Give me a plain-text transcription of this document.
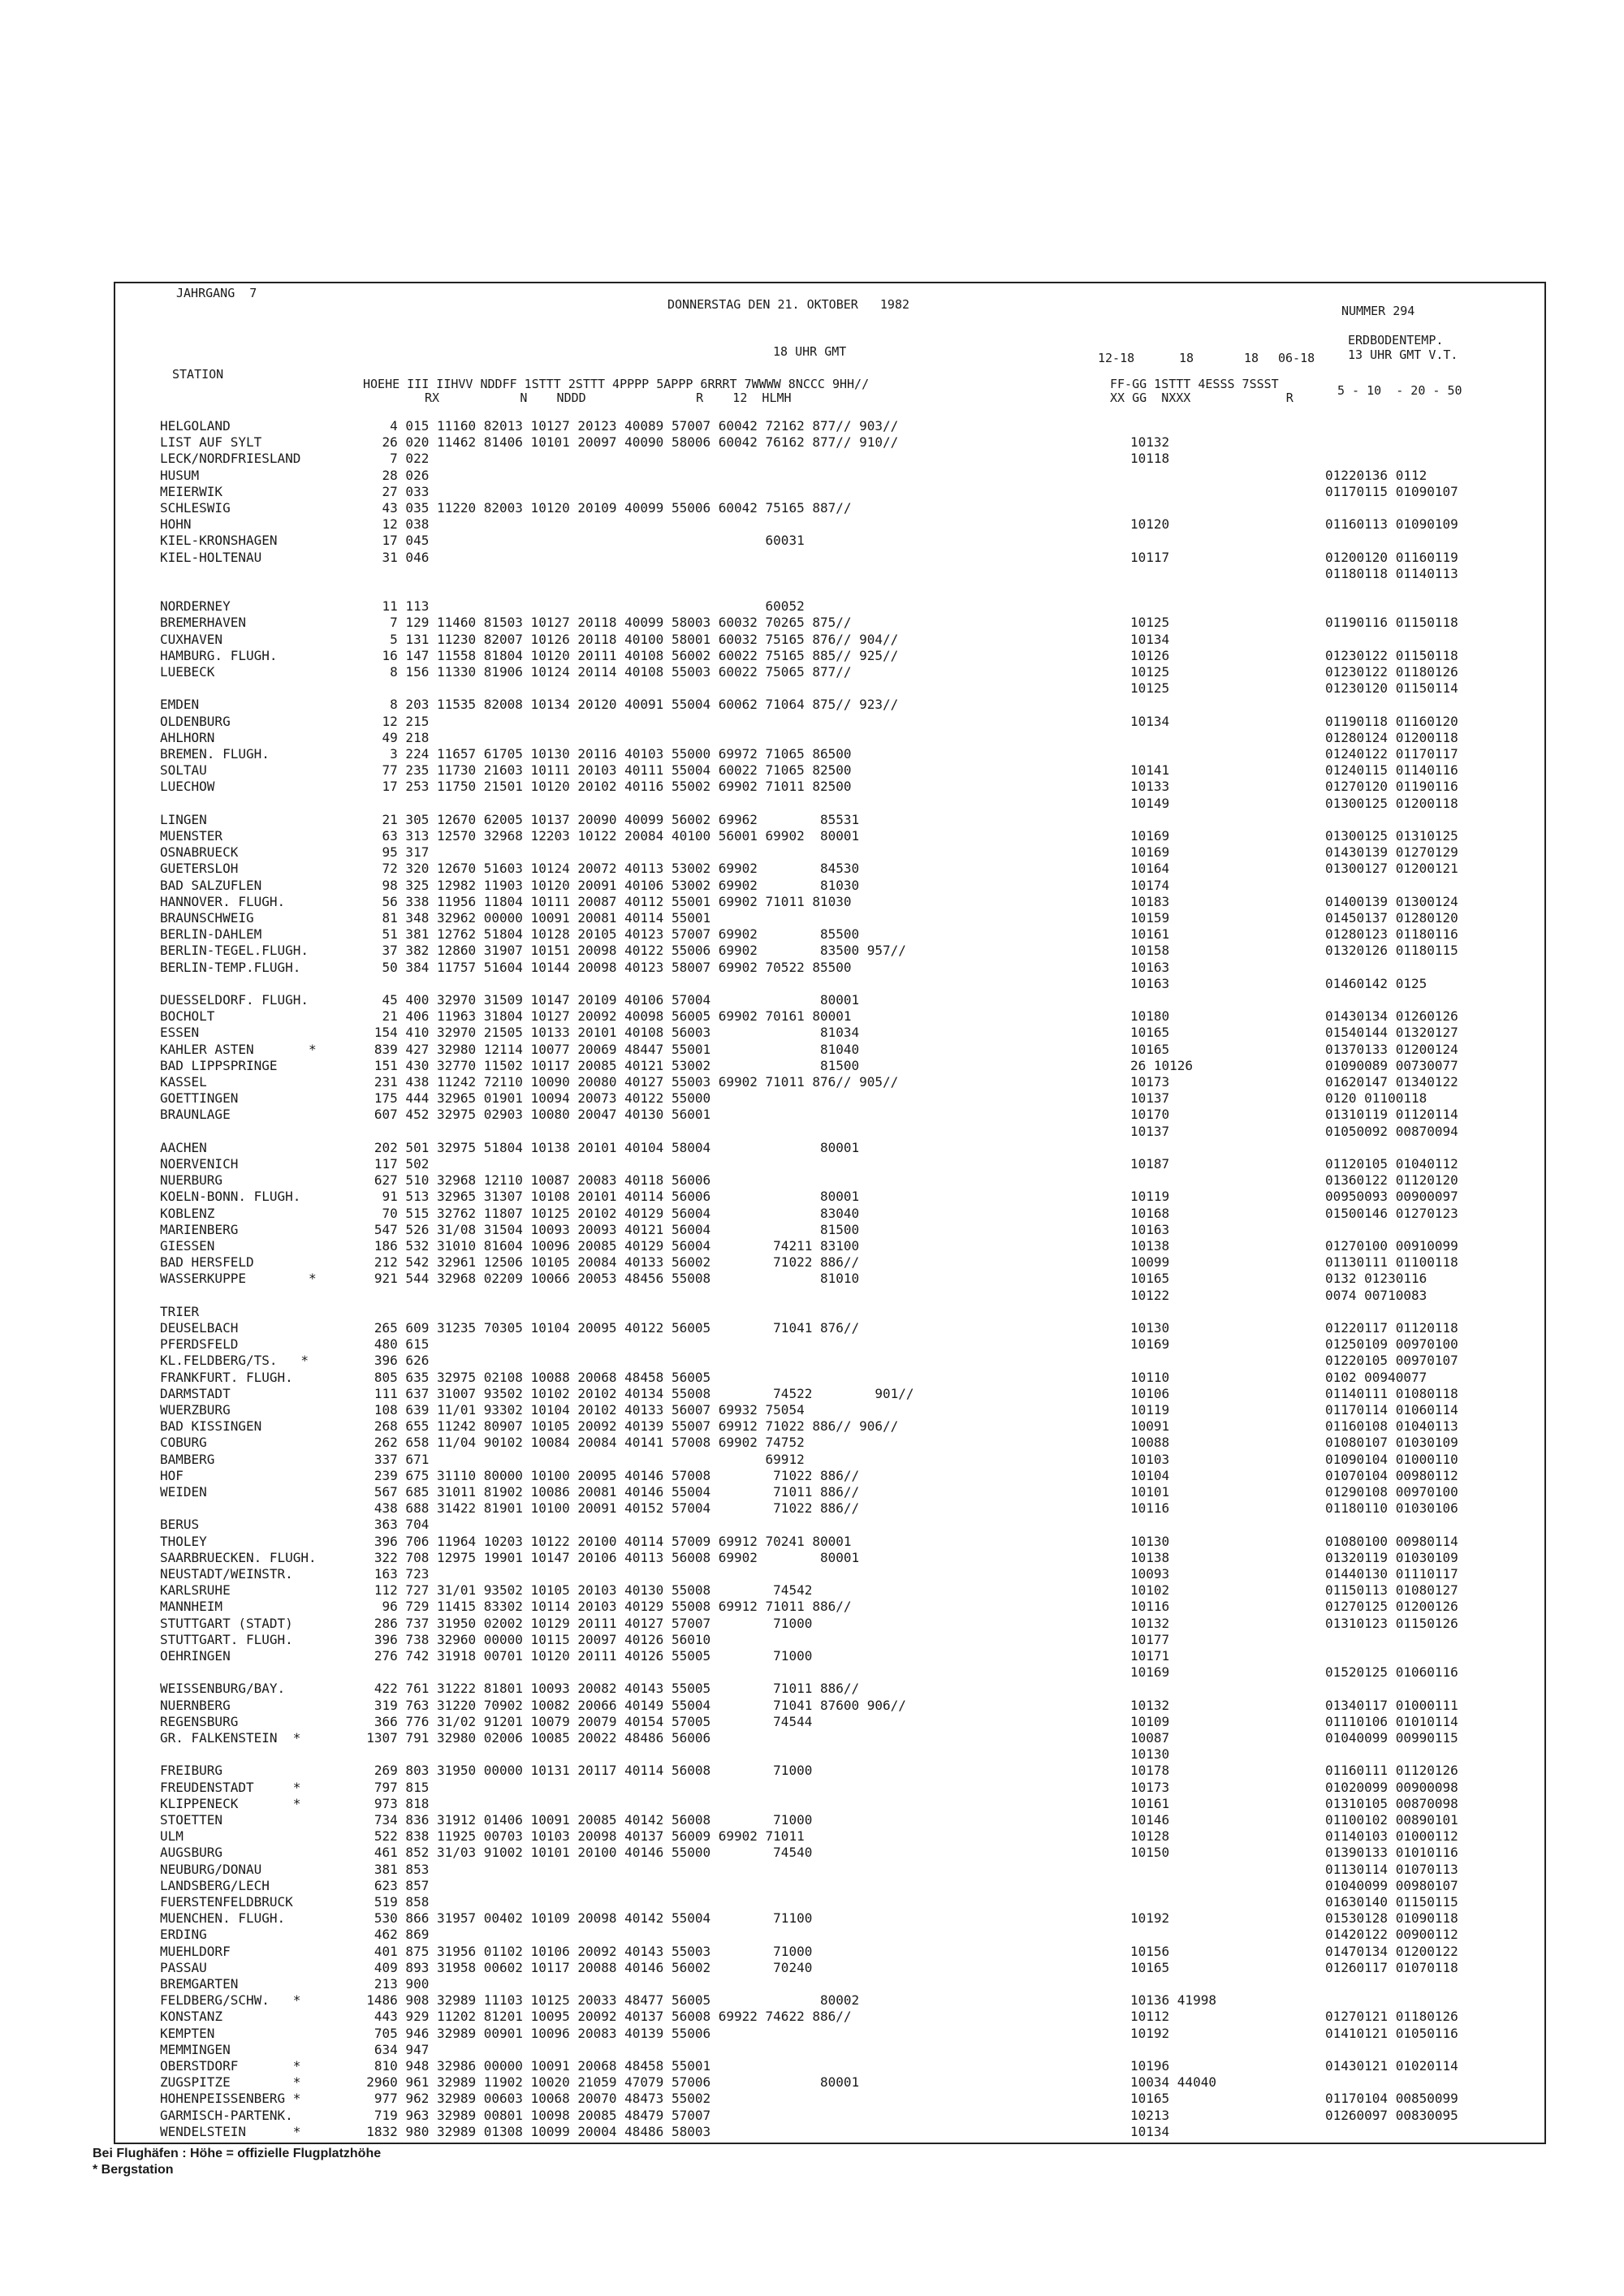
JAHRGANG  7
DONNERSTAG DEN 21. OKTOBER   1982	NUMMER 294
ERDBODENTEMP.
13 UHR GMT V.T.
18 UHR GMT	12-18	18	18 06-18
STATION
HOEHE III IIHVV NDDFF 1STTT 2STTT 4PPPP 5APPP 6RRRT 7WWWW 8NCCC 9HH//
RX           N    NDDD               R    12  HLMH
FF-GG 1STTT 4ESSS 7SSST
XX GG  NXXX             R	5 - 10  - 20 - 50
HELGOLAND	4 015 11160 82013 10127 20123 40089 57007 60042 72162 877// 903//
LIST AUF SYLT	26 020 11462 81406 10101 20097 40090 58006 60042 76162 877// 910//	10132
LECK/NORDFRIESLAND	7 022	10118
HUSUM	28 026	01220136 0112
MEIERWIK	27 033	01170115 01090107
SCHLESWIG	43 035 11220 82003 10120 20109 40099 55006 60042 75165 887//
HOHN	12 038	10120	01160113 01090109
KIEL-KRONSHAGEN	17 045                                           60031
KIEL-HOLTENAU	31 046	10117	01200120 01160119
01180118 01140113
NORDERNEY	11 113                                           60052
BREMERHAVEN	7 129 11460 81503 10127 20118 40099 58003 60032 70265 875//	10125	01190116 01150118
CUXHAVEN	5 131 11230 82007 10126 20118 40100 58001 60032 75165 876// 904//	10134
HAMBURG. FLUGH.	16 147 11558 81804 10120 20111 40108 56002 60022 75165 885// 925//	10126	01230122 01150118
LUEBECK	8 156 11330 81906 10124 20114 40108 55003 60022 75065 877//	10125	01230122 01180126
10125	01230120 01150114
EMDEN	8 203 11535 82008 10134 20120 40091 55004 60062 71064 875// 923//
OLDENBURG	12 215	10134	01190118 01160120
AHLHORN	49 218	01280124 01200118
BREMEN. FLUGH.	3 224 11657 61705 10130 20116 40103 55000 69972 71065 86500	01240122 01170117
SOLTAU	77 235 11730 21603 10111 20103 40111 55004 60022 71065 82500	10141	01240115 01140116
LUECHOW	17 253 11750 21501 10120 20102 40116 55002 69902 71011 82500	10133	01270120 01190116
10149	01300125 01200118
LINGEN	21 305 12670 62005 10137 20090 40099 56002 69962        85531
MUENSTER	63 313 12570 32968 12203 10122 20084 40100 56001 69902  80001	10169	01300125 01310125
OSNABRUECK	95 317	10169	01430139 01270129
GUETERSLOH	72 320 12670 51603 10124 20072 40113 53002 69902        84530	10164	01300127 01200121
BAD SALZUFLEN	98 325 12982 11903 10120 20091 40106 53002 69902        81030	10174
HANNOVER. FLUGH.	56 338 11956 11804 10111 20087 40112 55001 69902 71011 81030	10183	01400139 01300124
BRAUNSCHWEIG	81 348 32962 00000 10091 20081 40114 55001	10159	01450137 01280120
BERLIN-DAHLEM	51 381 12762 51804 10128 20105 40123 57007 69902        85500	10161	01280123 01180116
BERLIN-TEGEL.FLUGH.	37 382 12860 31907 10151 20098 40122 55006 69902        83500 957//	10158	01320126 01180115
BERLIN-TEMP.FLUGH.	50 384 11757 51604 10144 20098 40123 58007 69902 70522 85500	10163
10163	01460142 0125
DUESSELDORF. FLUGH.	45 400 32970 31509 10147 20109 40106 57004              80001
BOCHOLT	21 406 11963 31804 10127 20092 40098 56005 69902 70161 80001	10180	01430134 01260126
ESSEN	154 410 32970 21505 10133 20101 40108 56003              81034	10165	01540144 01320127
KAHLER ASTEN       *	839 427 32980 12114 10077 20069 48447 55001              81040	10165	01370133 01200124
BAD LIPPSPRINGE	151 430 32770 11502 10117 20085 40121 53002              81500	26 10126	01090089 00730077
KASSEL	231 438 11242 72110 10090 20080 40127 55003 69902 71011 876// 905//	10173	01620147 01340122
GOETTINGEN	175 444 32965 01901 10094 20073 40122 55000	10137	0120 01100118
BRAUNLAGE	607 452 32975 02903 10080 20047 40130 56001	10170	01310119 01120114
10137	01050092 00870094
AACHEN	202 501 32975 51804 10138 20101 40104 58004              80001
NOERVENICH	117 502	10187	01120105 01040112
NUERBURG	627 510 32968 12110 10087 20083 40118 56006	01360122 01120120
KOELN-BONN. FLUGH.	91 513 32965 31307 10108 20101 40114 56006              80001	10119	00950093 00900097
KOBLENZ	70 515 32762 11807 10125 20102 40129 56004              83040	10168	01500146 01270123
MARIENBERG	547 526 31/08 31504 10093 20093 40121 56004              81500	10163
GIESSEN	186 532 31010 81604 10096 20085 40129 56004        74211 83100	10138	01270100 00910099
BAD HERSFELD	212 542 32961 12506 10105 20084 40133 56002        71022 886//	10099	01130111 01100118
WASSERKUPPE        *	921 544 32968 02209 10066 20053 48456 55008              81010	10165	0132 01230116
10122	0074 00710083
TRIER
DEUSELBACH	265 609 31235 70305 10104 20095 40122 56005        71041 876//	10130	01220117 01120118
PFERDSFELD	480 615	10169	01250109 00970100
KL.FELDBERG/TS.   *	396 626	01220105 00970107
FRANKFURT. FLUGH.	805 635 32975 02108 10088 20068 48458 56005	10110	0102 00940077
DARMSTADT	111 637 31007 93502 10102 20102 40134 55008        74522        901//	10106	01140111 01080118
WUERZBURG	108 639 11/01 93302 10104 20102 40133 56007 69932 75054	10119	01170114 01060114
BAD KISSINGEN	268 655 11242 80907 10105 20092 40139 55007 69912 71022 886// 906//	10091	01160108 01040113
COBURG	262 658 11/04 90102 10084 20084 40141 57008 69902 74752	10088	01080107 01030109
BAMBERG	337 671                                           69912	10103	01090104 01000110
HOF	239 675 31110 80000 10100 20095 40146 57008        71022 886//	10104	01070104 00980112
WEIDEN	567 685 31011 81902 10086 20081 40146 55004        71011 886//	10101	01290108 00970100
438 688 31422 81901 10100 20091 40152 57004        71022 886//	10116	01180110 01030106
BERUS	363 704
THOLEY	396 706 11964 10203 10122 20100 40114 57009 69912 70241 80001	10130	01080100 00980114
SAARBRUECKEN. FLUGH.	322 708 12975 19901 10147 20106 40113 56008 69902        80001	10138	01320119 01030109
NEUSTADT/WEINSTR.	163 723	10093	01440130 01110117
KARLSRUHE	112 727 31/01 93502 10105 20103 40130 55008        74542	10102	01150113 01080127
MANNHEIM	96 729 11415 83302 10114 20103 40129 55008 69912 71011 886//	10116	01270125 01200126
STUTTGART (STADT)	286 737 31950 02002 10129 20111 40127 57007        71000	10132	01310123 01150126
STUTTGART. FLUGH.	396 738 32960 00000 10115 20097 40126 56010	10177
OEHRINGEN	276 742 31918 00701 10120 20111 40126 55005        71000	10171
10169	01520125 01060116
WEISSENBURG/BAY.	422 761 31222 81801 10093 20082 40143 55005        71011 886//
NUERNBERG	319 763 31220 70902 10082 20066 40149 55004        71041 87600 906//	10132	01340117 01000111
REGENSBURG	366 776 31/02 91201 10079 20079 40154 57005        74544	10109	01110106 01010114
GR. FALKENSTEIN  *	1307 791 32980 02006 10085 20022 48486 56006	10087	01040099 00990115
10130
FREIBURG	269 803 31950 00000 10131 20117 40114 56008        71000	10178	01160111 01120126
FREUDENSTADT     *	797 815	10173	01020099 00900098
KLIPPENECK       *	973 818	10161	01310105 00870098
STOETTEN	734 836 31912 01406 10091 20085 40142 56008        71000	10146	01100102 00890101
ULM	522 838 11925 00703 10103 20098 40137 56009 69902 71011	10128	01140103 01000112
AUGSBURG	461 852 31/03 91002 10101 20100 40146 55000        74540	10150	01390133 01010116
NEUBURG/DONAU	381 853	01130114 01070113
LANDSBERG/LECH	623 857	01040099 00980107
FUERSTENFELDBRUCK	519 858	01630140 01150115
MUENCHEN. FLUGH.	530 866 31957 00402 10109 20098 40142 55004        71100	10192	01530128 01090118
ERDING	462 869	01420122 00900112
MUEHLDORF	401 875 31956 01102 10106 20092 40143 55003        71000	10156	01470134 01200122
PASSAU	409 893 31958 00602 10117 20088 40146 56002        70240	10165	01260117 01070118
BREMGARTEN	213 900
FELDBERG/SCHW.   *	1486 908 32989 11103 10125 20033 48477 56005              80002	10136 41998
KONSTANZ	443 929 11202 81201 10095 20092 40137 56008 69922 74622 886//	10112	01270121 01180126
KEMPTEN	705 946 32989 00901 10096 20083 40139 55006	10192	01410121 01050116
MEMMINGEN	634 947
OBERSTDORF       *	810 948 32986 00000 10091 20068 48458 55001	10196	01430121 01020114
ZUGSPITZE        *	2960 961 32989 11902 10020 21059 47079 57006              80001	10034 44040
HOHENPEISSENBERG *	977 962 32989 00603 10068 20070 48473 55002	10165	01170104 00850099
GARMISCH-PARTENK.	719 963 32989 00801 10098 20085 48479 57007	10213	01260097 00830095
WENDELSTEIN      *	1832 980 32989 01308 10099 20004 48486 58003	10134
Bei Flughäfen : Höhe = offizielle Flugplatzhöhe
* Bergstation
